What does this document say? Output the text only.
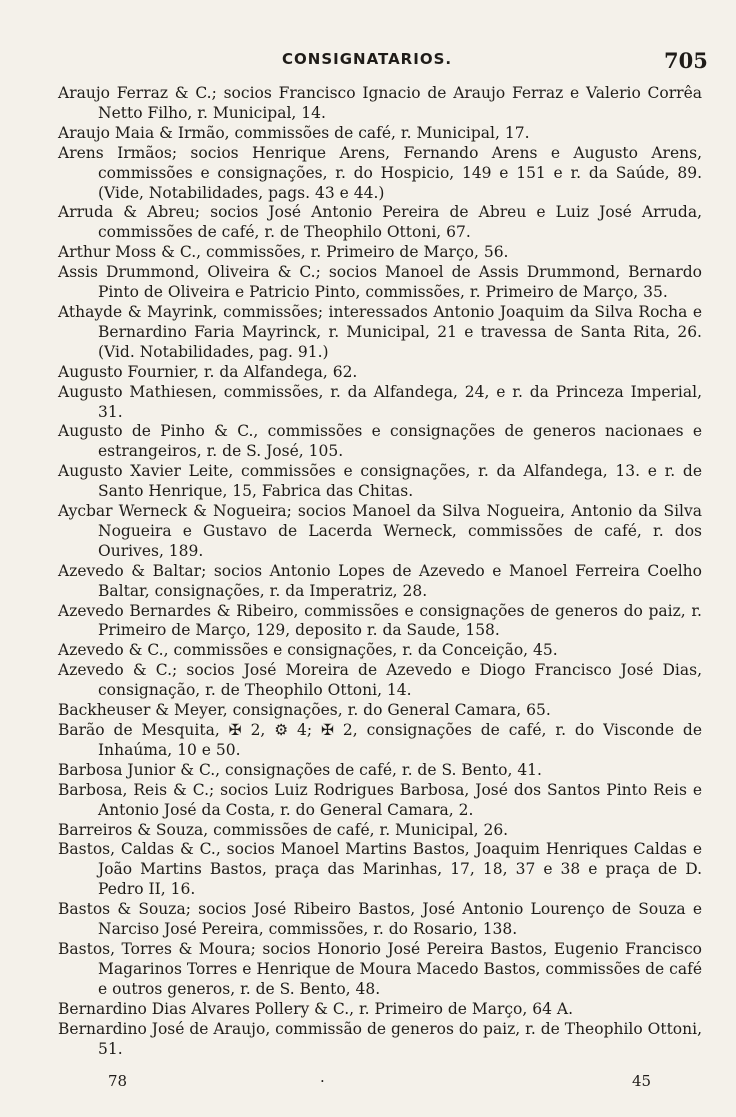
CONSIGNATARIOS.	705

Araujo Ferraz & C.; socios Francisco Ignacio de Araujo Ferraz e Valerio Corrêa Netto Filho, r. Municipal, 14.

Araujo Maia & Irmão, commissões de café, r. Municipal, 17.

Arens Irmãos; socios Henrique Arens, Fernando Arens e Augusto Arens, commissões e consignações, r. do Hospicio, 149 e 151 e r. da Saúde, 89. (Vide, Notabilidades, pags. 43 e 44.)

Arruda & Abreu; socios José Antonio Pereira de Abreu e Luiz José Arruda, commissões de café, r. de Theophilo Ottoni, 67.

Arthur Moss & C., commissões, r. Primeiro de Março, 56.

Assis Drummond, Oliveira & C.; socios Manoel de Assis Drummond, Bernardo Pinto de Oliveira e Patricio Pinto, commissões, r. Primeiro de Março, 35.

Athayde & Mayrink, commissões; interessados Antonio Joaquim da Silva Rocha e Bernardino Faria Mayrinck, r. Municipal, 21 e travessa de Santa Rita, 26. (Vid. Notabilidades, pag. 91.)

Augusto Fournier, r. da Alfandega, 62.

Augusto Mathiesen, commissões, r. da Alfandega, 24, e r. da Princeza Imperial, 31.

Augusto de Pinho & C., commissões e consignações de generos nacionaes e estrangeiros, r. de S. José, 105.

Augusto Xavier Leite, commissões e consignações, r. da Alfandega, 13. e r. de Santo Henrique, 15, Fabrica das Chitas.

Aycbar Werneck & Nogueira; socios Manoel da Silva Nogueira, Antonio da Silva Nogueira e Gustavo de Lacerda Werneck, commissões de café, r. dos Ourives, 189.

Azevedo & Baltar; socios Antonio Lopes de Azevedo e Manoel Ferreira Coelho Baltar, consignações, r. da Imperatriz, 28.

Azevedo Bernardes & Ribeiro, commissões e consignações de generos do paiz, r. Primeiro de Março, 129, deposito r. da Saude, 158.

Azevedo & C., commissões e consignações, r. da Conceição, 45.

Azevedo & C.; socios José Moreira de Azevedo e Diogo Francisco José Dias, consignação, r. de Theophilo Ottoni, 14.

Backheuser & Meyer, consignações, r. do General Camara, 65.

Barão de Mesquita, ✠ 2, ⚙ 4; ✠ 2, consignações de café, r. do Visconde de Inhaúma, 10 e 50.

Barbosa Junior & C., consignações de café, r. de S. Bento, 41.

Barbosa, Reis & C.; socios Luiz Rodrigues Barbosa, José dos Santos Pinto Reis e Antonio José da Costa, r. do General Camara, 2.

Barreiros & Souza, commissões de café, r. Municipal, 26.

Bastos, Caldas & C., socios Manoel Martins Bastos, Joaquim Henriques Caldas e João Martins Bastos, praça das Marinhas, 17, 18, 37 e 38 e praça de D. Pedro II, 16.

Bastos & Souza; socios José Ribeiro Bastos, José Antonio Lourenço de Souza e Narciso José Pereira, commissões, r. do Rosario, 138.

Bastos, Torres & Moura; socios Honorio José Pereira Bastos, Eugenio Francisco Magarinos Torres e Henrique de Moura Macedo Bastos, commissões de café e outros generos, r. de S. Bento, 48.

Bernardino Dias Alvares Pollery & C., r. Primeiro de Março, 64 A.

Bernardino José de Araujo, commissão de generos do paiz, r. de Theophilo Ottoni, 51.

78	·	45
